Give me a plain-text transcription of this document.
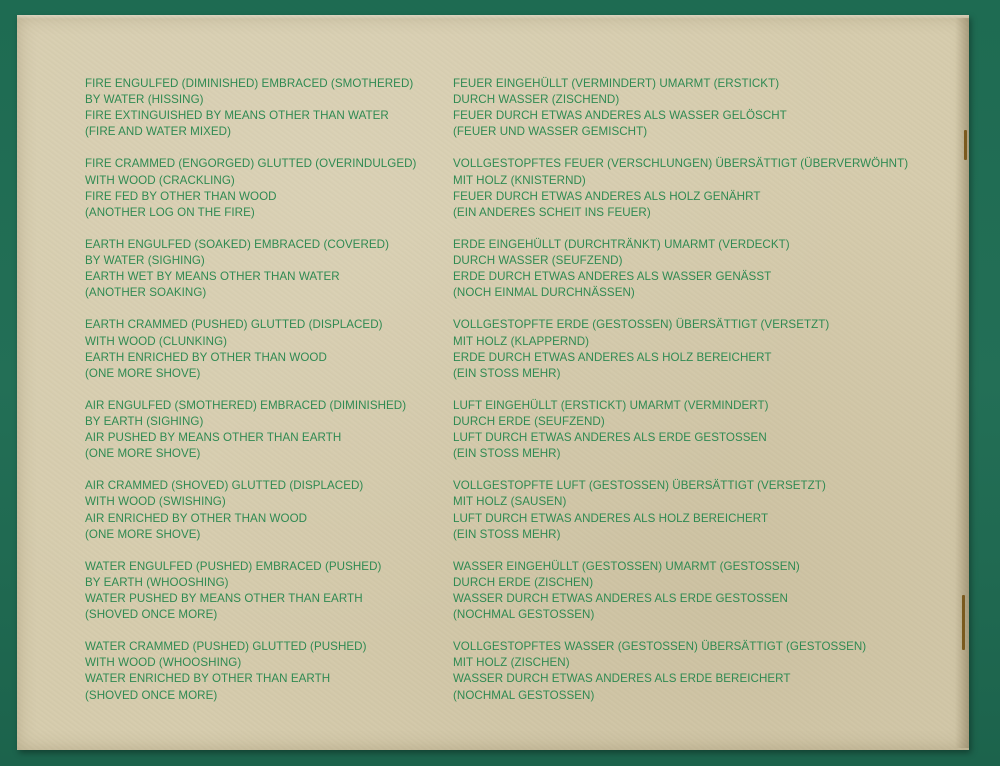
FIRE ENGULFED (DIMINISHED) EMBRACED (SMOTHERED)
BY WATER (HISSING)
FIRE EXTINGUISHED BY MEANS OTHER THAN WATER
(FIRE AND WATER MIXED)
FIRE CRAMMED (ENGORGED) GLUTTED (OVERINDULGED)
WITH WOOD (CRACKLING)
FIRE FED BY OTHER THAN WOOD
(ANOTHER LOG ON THE FIRE)
EARTH ENGULFED (SOAKED) EMBRACED (COVERED)
BY WATER (SIGHING)
EARTH WET BY MEANS OTHER THAN WATER
(ANOTHER SOAKING)
EARTH CRAMMED (PUSHED) GLUTTED (DISPLACED)
WITH WOOD (CLUNKING)
EARTH ENRICHED BY OTHER THAN WOOD
(ONE MORE SHOVE)
AIR ENGULFED (SMOTHERED) EMBRACED (DIMINISHED)
BY EARTH (SIGHING)
AIR PUSHED BY MEANS OTHER THAN EARTH
(ONE MORE SHOVE)
AIR CRAMMED (SHOVED) GLUTTED (DISPLACED)
WITH WOOD (SWISHING)
AIR ENRICHED BY OTHER THAN WOOD
(ONE MORE SHOVE)
WATER ENGULFED (PUSHED) EMBRACED (PUSHED)
BY EARTH (WHOOSHING)
WATER PUSHED BY MEANS OTHER THAN EARTH
(SHOVED ONCE MORE)
WATER CRAMMED (PUSHED) GLUTTED (PUSHED)
WITH WOOD (WHOOSHING)
WATER ENRICHED BY OTHER THAN EARTH
(SHOVED ONCE MORE)
FEUER EINGEHÜLLT (VERMINDERT) UMARMT (ERSTICKT)
DURCH WASSER (ZISCHEND)
FEUER DURCH ETWAS ANDERES ALS WASSER GELÖSCHT
(FEUER UND WASSER GEMISCHT)
VOLLGESTOPFTES FEUER (VERSCHLUNGEN) ÜBERSÄTTIGT (ÜBERVERWÖHNT)
MIT HOLZ (KNISTERND)
FEUER DURCH ETWAS ANDERES ALS HOLZ GENÄHRT
(EIN ANDERES SCHEIT INS FEUER)
ERDE EINGEHÜLLT (DURCHTRÄNKT) UMARMT (VERDECKT)
DURCH WASSER (SEUFZEND)
ERDE DURCH ETWAS ANDERES ALS WASSER GENÄSST
(NOCH EINMAL DURCHNÄSSEN)
VOLLGESTOPFTE ERDE (GESTOSSEN) ÜBERSÄTTIGT (VERSETZT)
MIT HOLZ (KLAPPERND)
ERDE DURCH ETWAS ANDERES ALS HOLZ BEREICHERT
(EIN STOSS MEHR)
LUFT EINGEHÜLLT (ERSTICKT) UMARMT (VERMINDERT)
DURCH ERDE (SEUFZEND)
LUFT DURCH ETWAS ANDERES ALS ERDE GESTOSSEN
(EIN STOSS MEHR)
VOLLGESTOPFTE LUFT (GESTOSSEN) ÜBERSÄTTIGT (VERSETZT)
MIT HOLZ (SAUSEN)
LUFT DURCH ETWAS ANDERES ALS HOLZ BEREICHERT
(EIN STOSS MEHR)
WASSER EINGEHÜLLT (GESTOSSEN) UMARMT (GESTOSSEN)
DURCH ERDE (ZISCHEN)
WASSER DURCH ETWAS ANDERES ALS ERDE GESTOSSEN
(NOCHMAL GESTOSSEN)
VOLLGESTOPFTES WASSER (GESTOSSEN) ÜBERSÄTTIGT (GESTOSSEN)
MIT HOLZ (ZISCHEN)
WASSER DURCH ETWAS ANDERES ALS ERDE BEREICHERT
(NOCHMAL GESTOSSEN)
